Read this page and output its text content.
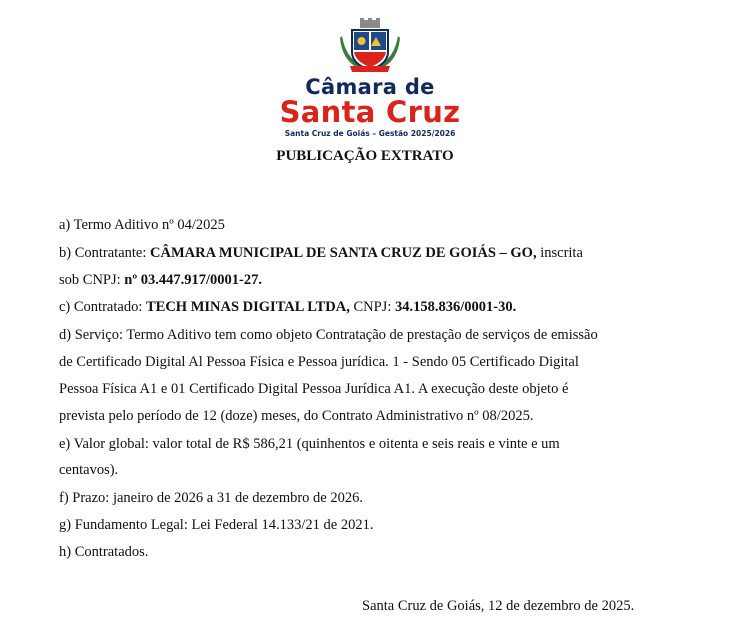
Câmara de
Santa Cruz
Santa Cruz de Goiás – Gestão 2025/2026
PUBLICAÇÃO EXTRATO
a) Termo Aditivo nº 04/2025
b) Contratante: CÂMARA MUNICIPAL DE SANTA CRUZ DE GOIÁS – GO, inscrita
sob CNPJ: nº 03.447.917/0001-27.
c) Contratado: TECH MINAS DIGITAL LTDA, CNPJ: 34.158.836/0001-30.
d) Serviço: Termo Aditivo tem como objeto Contratação de prestação de serviços de emissão
de Certificado Digital Al Pessoa Física e Pessoa jurídica. 1 - Sendo 05 Certificado Digital
Pessoa Física A1 e 01 Certificado Digital Pessoa Jurídica A1. A execução deste objeto é
prevista pelo período de 12 (doze) meses, do Contrato Administrativo nº 08/2025.
e) Valor global: valor total de R$ 586,21 (quinhentos e oitenta e seis reais e vinte e um
centavos).
f) Prazo: janeiro de 2026 a 31 de dezembro de 2026.
g) Fundamento Legal: Lei Federal 14.133/21 de 2021.
h) Contratados.
Santa Cruz de Goiás, 12 de dezembro de 2025.
